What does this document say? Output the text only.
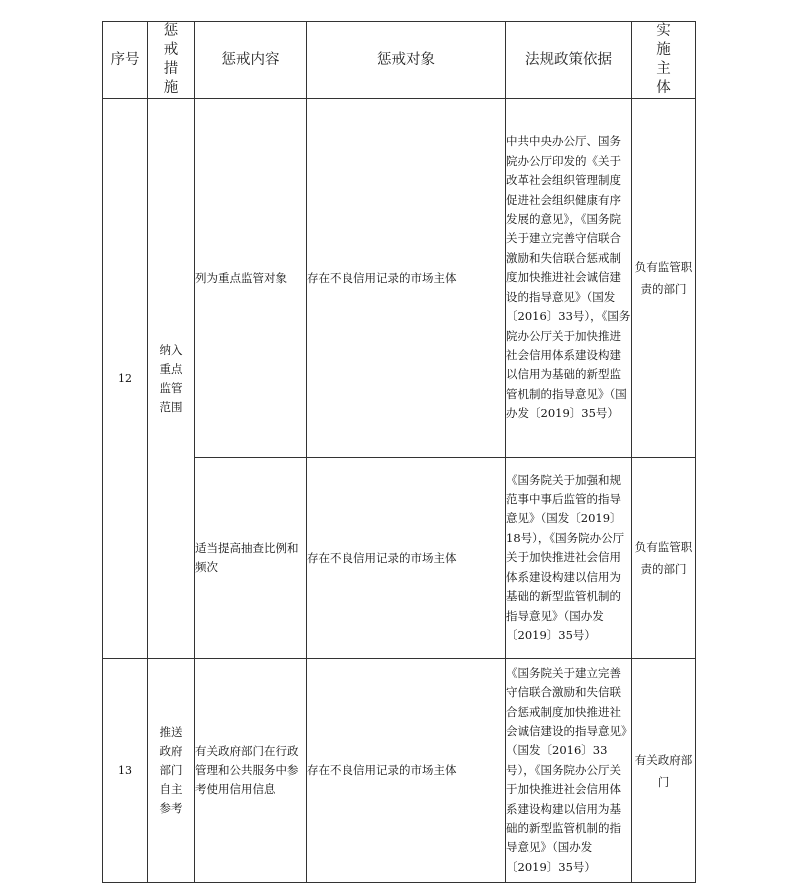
序号	惩戒措施	惩戒内容	惩戒对象	法规政策依据	实施主体
12	纳入重点监管范围	列为重点监管对象	存在不良信用记录的市场主体	中共中央办公厅、国务院办公厅印发的《关于改革社会组织管理制度促进社会组织健康有序发展的意见》，《国务院关于建立完善守信联合激励和失信联合惩戒制度加快推进社会诚信建设的指导意见》（国发〔2016〕33号），《国务院办公厅关于加快推进社会信用体系建设构建以信用为基础的新型监管机制的指导意见》（国办发〔2019〕35号）	负有监管职责的部门
		适当提高抽查比例和频次	存在不良信用记录的市场主体	《国务院关于加强和规范事中事后监管的指导意见》（国发〔2019〕18号），《国务院办公厅关于加快推进社会信用体系建设构建以信用为基础的新型监管机制的指导意见》（国办发〔2019〕35号）	负有监管职责的部门
13	推送政府部门自主参考	有关政府部门在行政管理和公共服务中参考使用信用信息	存在不良信用记录的市场主体	《国务院关于建立完善守信联合激励和失信联合惩戒制度加快推进社会诚信建设的指导意见》（国发〔2016〕33号），《国务院办公厅关于加快推进社会信用体系建设构建以信用为基础的新型监管机制的指导意见》（国办发〔2019〕35号）	有关政府部门
